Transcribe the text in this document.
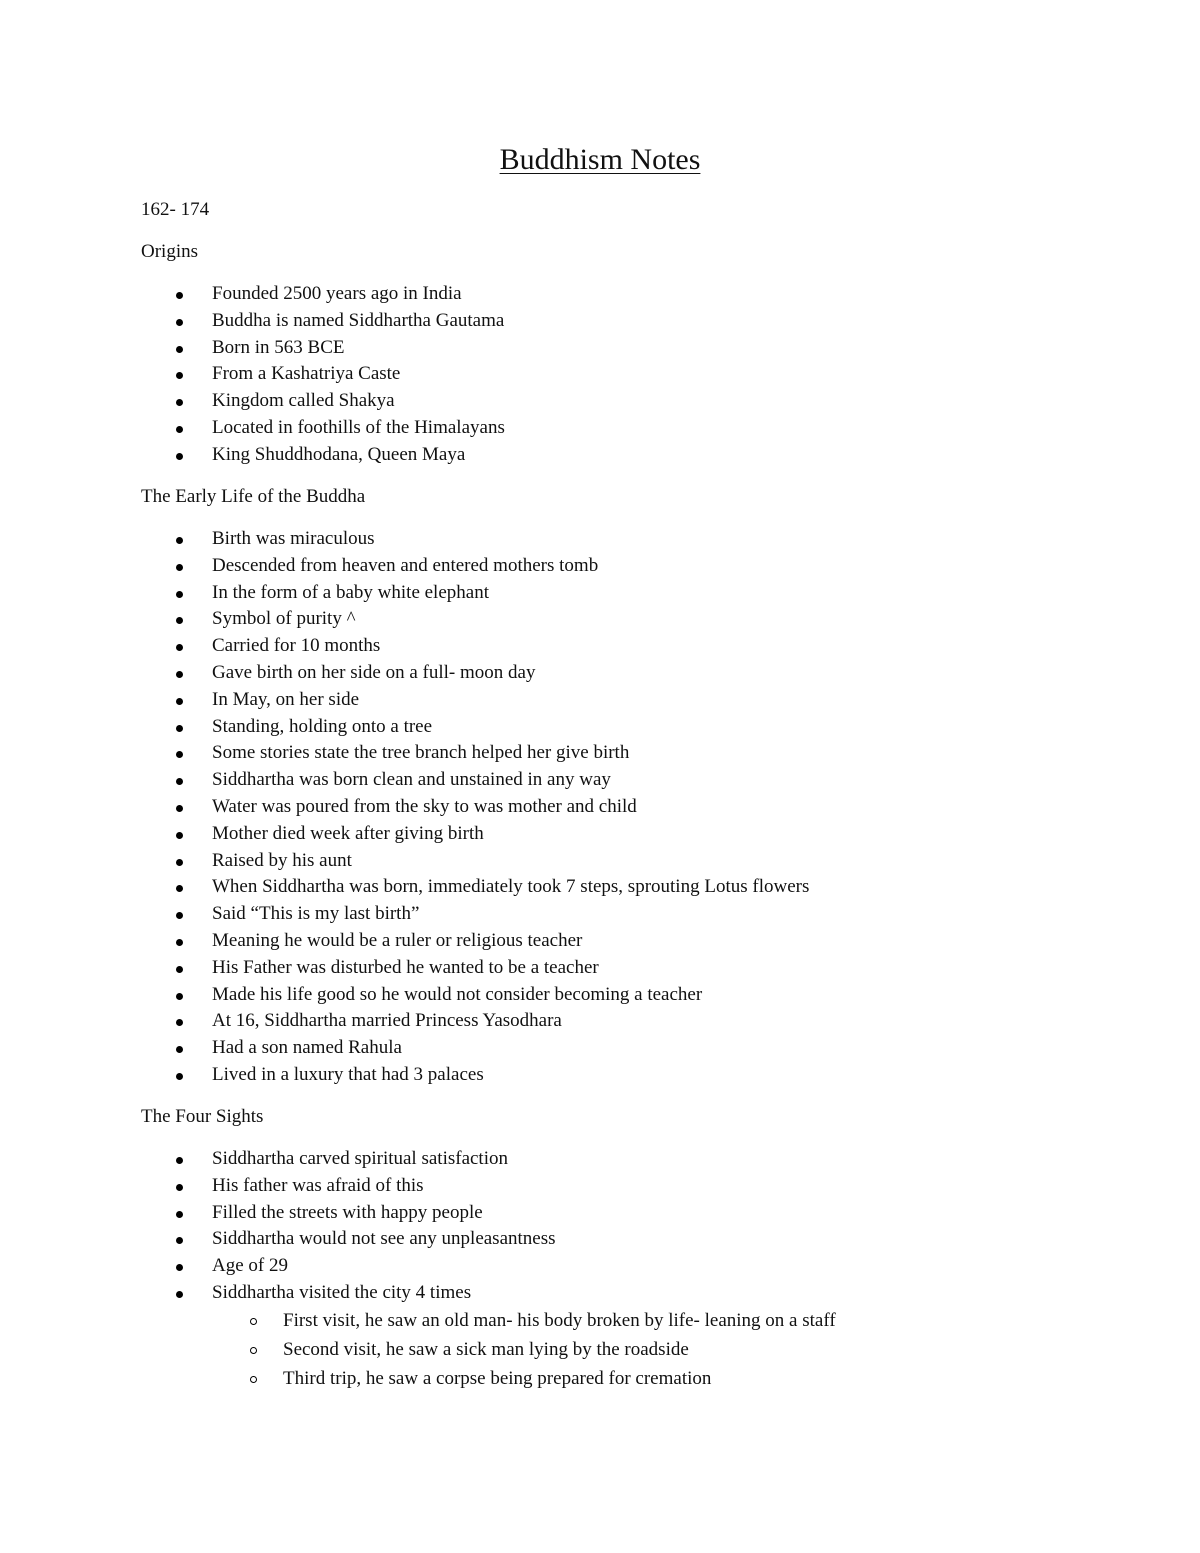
Buddhism Notes
162- 174
Origins
Founded 2500 years ago in India
Buddha is named Siddhartha Gautama
Born in 563 BCE
From a Kashatriya Caste
Kingdom called Shakya
Located in foothills of the Himalayans
King Shuddhodana, Queen Maya
The Early Life of the Buddha
Birth was miraculous
Descended from heaven and entered mothers tomb
In the form of a baby white elephant
Symbol of purity ^
Carried for 10 months
Gave birth on her side on a full- moon day
In May, on her side
Standing, holding onto a tree
Some stories state the tree branch helped her give birth
Siddhartha was born clean and unstained in any way
Water was poured from the sky to was mother and child
Mother died week after giving birth
Raised by his aunt
When Siddhartha was born, immediately took 7 steps, sprouting Lotus flowers
Said “This is my last birth”
Meaning he would be a ruler or religious teacher
His Father was disturbed he wanted to be a teacher
Made his life good so he would not consider becoming a teacher
At 16, Siddhartha married Princess Yasodhara
Had a son named Rahula
Lived in a luxury that had 3 palaces
The Four Sights
Siddhartha carved spiritual satisfaction
His father was afraid of this
Filled the streets with happy people
Siddhartha would not see any unpleasantness
Age of 29
Siddhartha visited the city 4 times
First visit, he saw an old man- his body broken by life- leaning on a staff
Second visit, he saw a sick man lying by the roadside
Third trip, he saw a corpse being prepared for cremation
